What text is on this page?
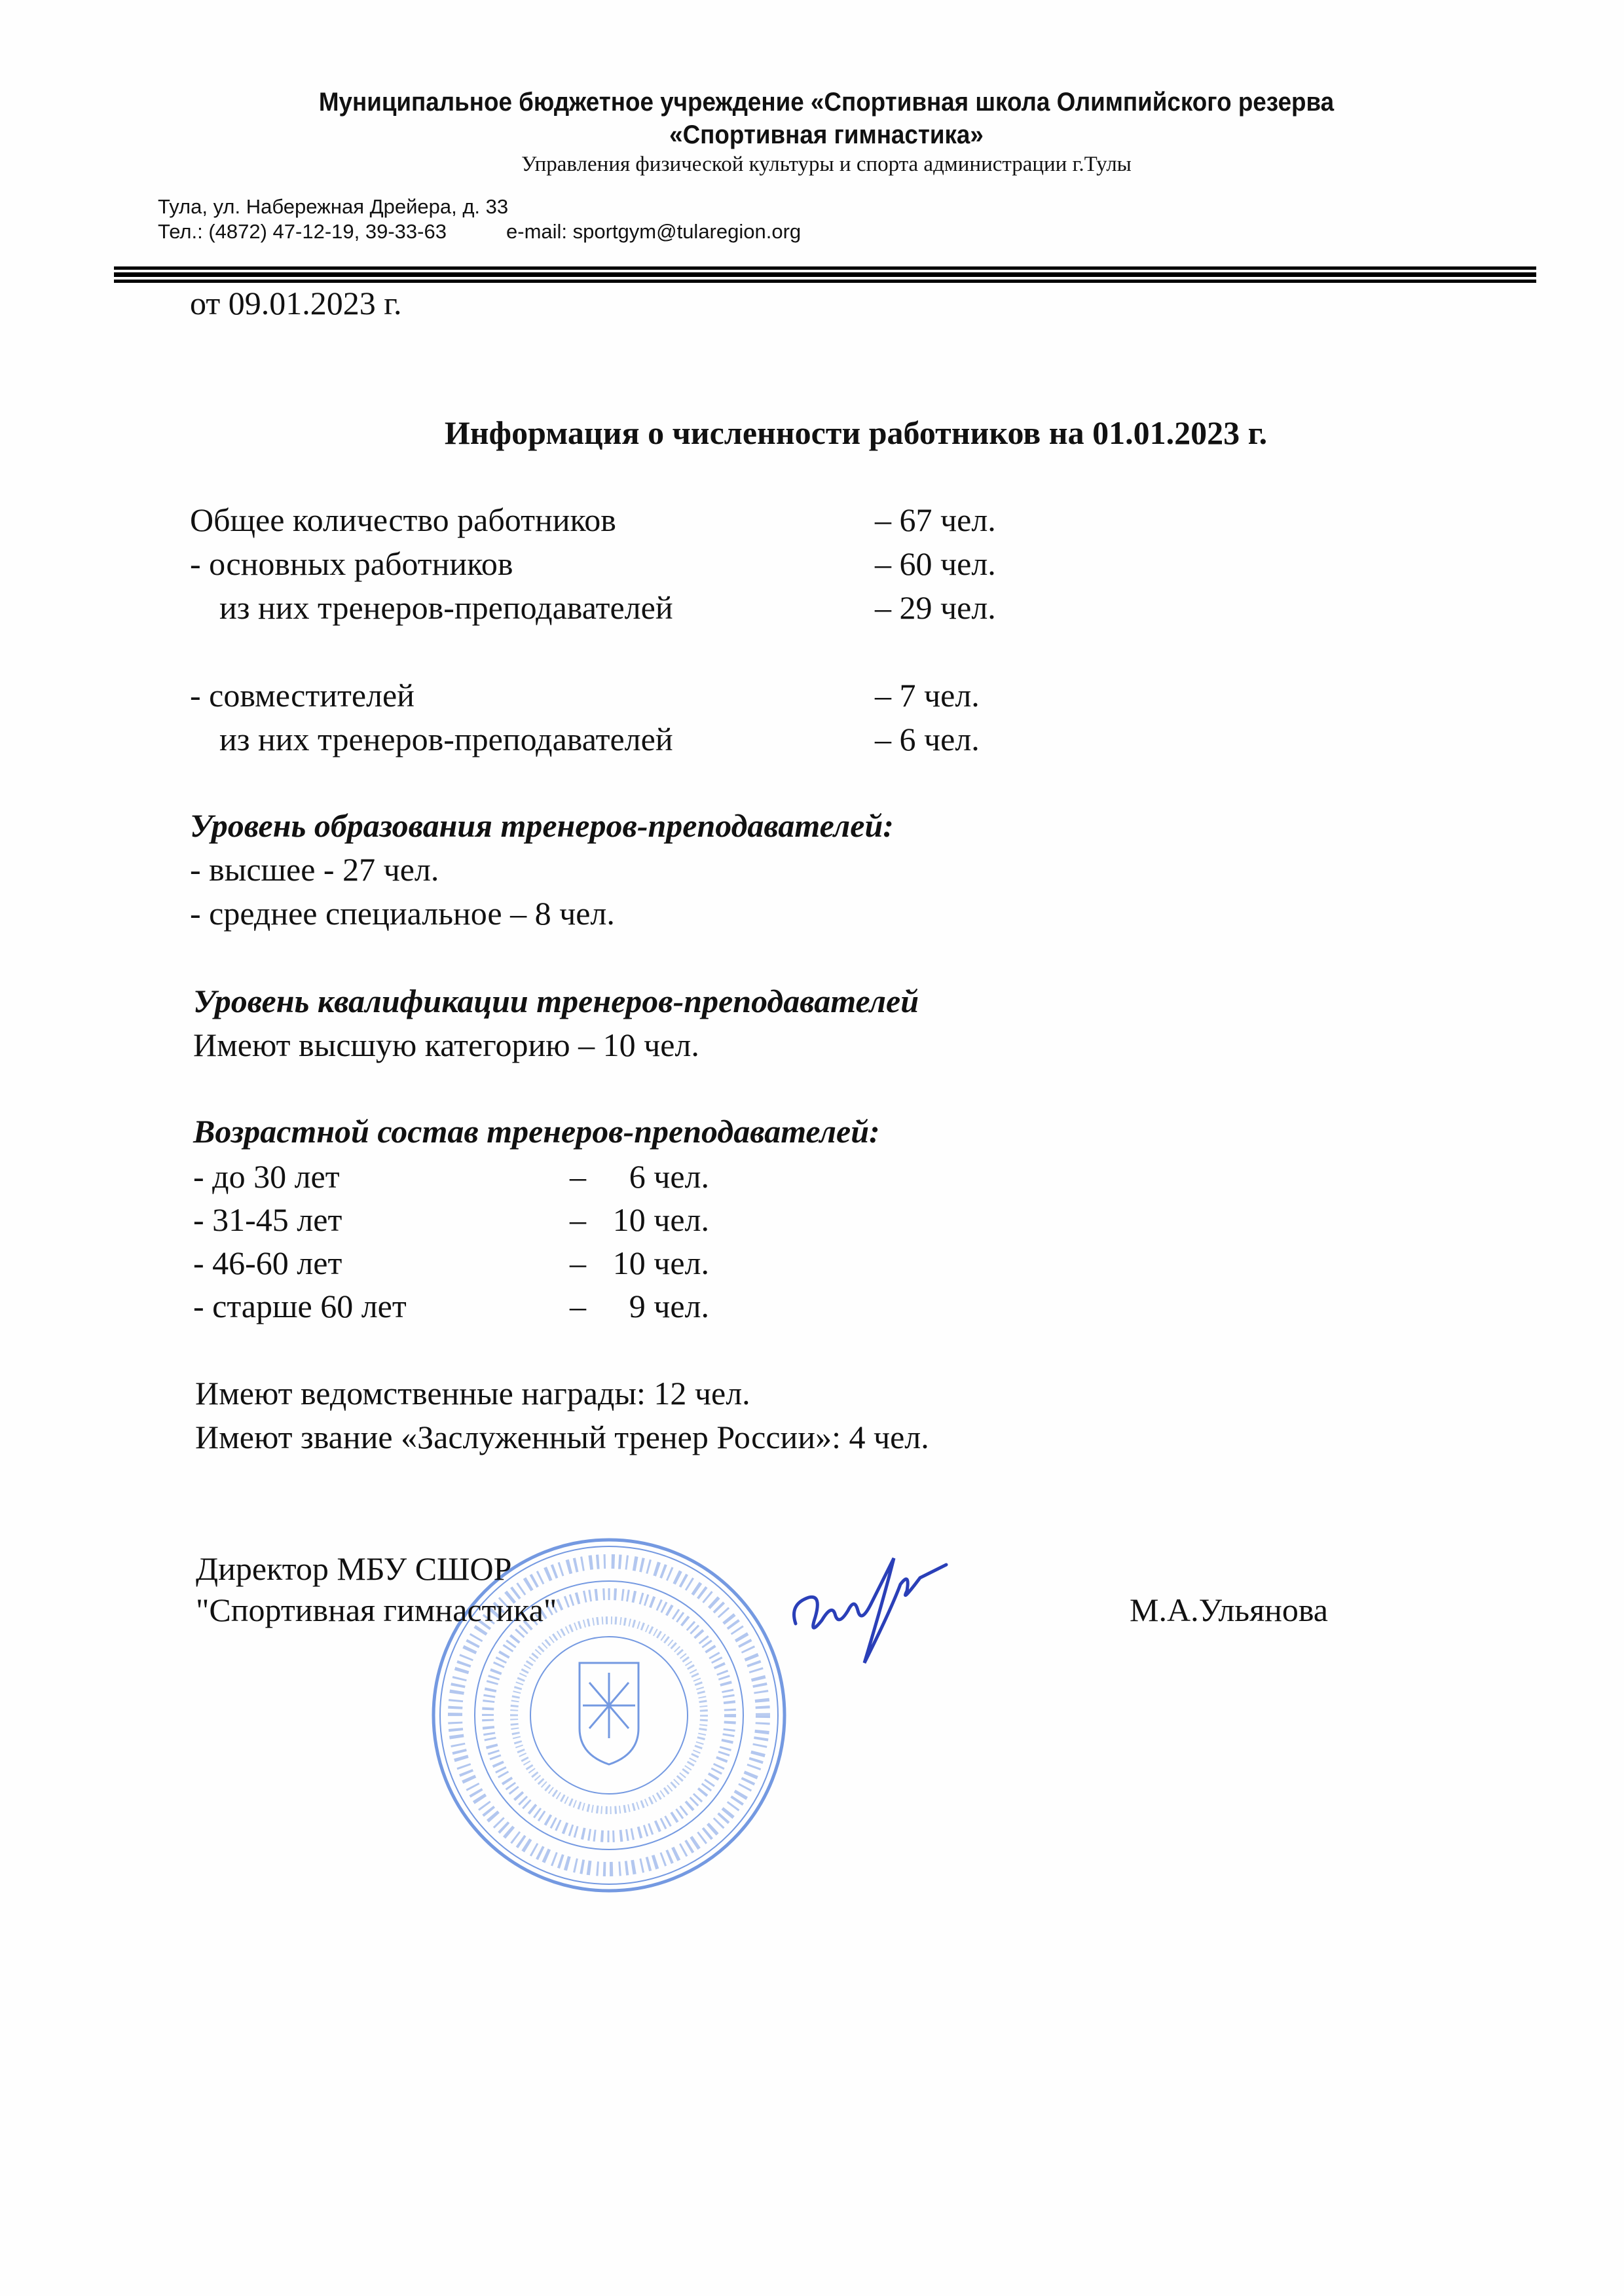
Муниципальное бюджетное учреждение «Спортивная школа Олимпийского резерва
«Спортивная гимнастика»
Управления физической культуры и спорта администрации г.Тулы
Тула, ул. Набережная Дрейера, д. 33
Тел.: (4872) 47-12-19, 39-33-63	e-mail: sportgym@tularegion.org
от 09.01.2023 г.
Информация о численности работников на 01.01.2023 г.
Общее количество работников	– 67 чел.
- основных работников	– 60 чел.
из них тренеров-преподавателей	– 29 чел.
- совместителей	– 7 чел.
из них тренеров-преподавателей	– 6 чел.
Уровень образования тренеров-преподавателей:
- высшее - 27 чел.
- среднее специальное – 8 чел.
Уровень квалификации тренеров-преподавателей
Имеют высшую категорию – 10 чел.
Возрастной состав тренеров-преподавателей:
- до 30 лет	–	6 чел.
- 31-45 лет	– 10 чел.
- 46-60 лет	– 10 чел.
- старше 60 лет	–	9 чел.
Имеют ведомственные награды: 12 чел.
Имеют звание «Заслуженный тренер России»: 4 чел.
Директор МБУ СШОР
"Спортивная гимнастика"	М.А.Ульянова
